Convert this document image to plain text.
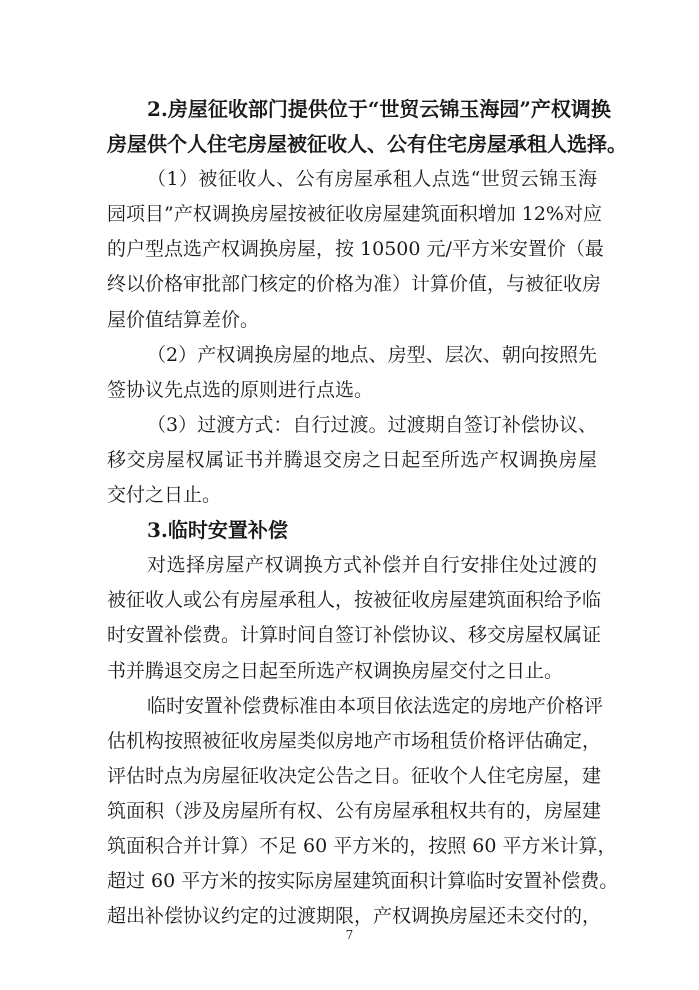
2.房屋征收部门提供位于“世贸云锦玉海园”产权调换
房屋供个人住宅房屋被征收人、公有住宅房屋承租人选择。
（1）被征收人、公有房屋承租人点选“世贸云锦玉海
园项目”产权调换房屋按被征收房屋建筑面积增加 12%对应
的户型点选产权调换房屋，按 10500 元/平方米安置价（最
终以价格审批部门核定的价格为准）计算价值，与被征收房
屋价值结算差价。
（2）产权调换房屋的地点、房型、层次、朝向按照先
签协议先点选的原则进行点选。
（3）过渡方式：自行过渡。过渡期自签订补偿协议、
移交房屋权属证书并腾退交房之日起至所选产权调换房屋
交付之日止。
3.临时安置补偿
对选择房屋产权调换方式补偿并自行安排住处过渡的
被征收人或公有房屋承租人，按被征收房屋建筑面积给予临
时安置补偿费。计算时间自签订补偿协议、移交房屋权属证
书并腾退交房之日起至所选产权调换房屋交付之日止。
临时安置补偿费标准由本项目依法选定的房地产价格评
估机构按照被征收房屋类似房地产市场租赁价格评估确定，
评估时点为房屋征收决定公告之日。征收个人住宅房屋，建
筑面积（涉及房屋所有权、公有房屋承租权共有的，房屋建
筑面积合并计算）不足 60 平方米的，按照 60 平方米计算，
超过 60 平方米的按实际房屋建筑面积计算临时安置补偿费。
超出补偿协议约定的过渡期限，产权调换房屋还未交付的，
7
